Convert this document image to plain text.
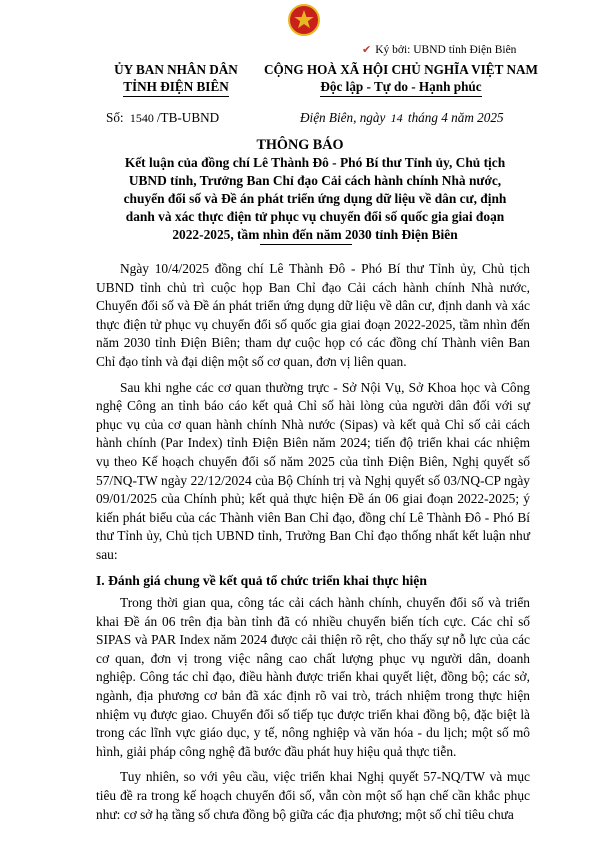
✔ Ký bởi: UBND tỉnh Điện Biên
ỦY BAN NHÂN DÂN
TỈNH ĐIỆN BIÊN
CỘNG HOÀ XÃ HỘI CHỦ NGHĨA VIỆT NAM
Độc lập - Tự do - Hạnh phúc
Số: 1540 /TB-UBND	Điện Biên, ngày 14 tháng 4 năm 2025
THÔNG BÁO
Kết luận của đồng chí Lê Thành Đô - Phó Bí thư Tỉnh ủy, Chủ tịch UBND tỉnh, Trưởng Ban Chỉ đạo Cải cách hành chính Nhà nước, chuyển đổi số và Đề án phát triển ứng dụng dữ liệu về dân cư, định danh và xác thực điện tử phục vụ chuyển đổi số quốc gia giai đoạn 2022-2025, tầm nhìn đến năm 2030 tỉnh Điện Biên

Ngày 10/4/2025 đồng chí Lê Thành Đô - Phó Bí thư Tỉnh ủy, Chủ tịch UBND tỉnh chủ trì cuộc họp Ban Chỉ đạo Cải cách hành chính Nhà nước, Chuyển đổi số và Đề án phát triển ứng dụng dữ liệu về dân cư, định danh và xác thực điện tử phục vụ chuyển đổi số quốc gia giai đoạn 2022-2025, tầm nhìn đến năm 2030 tỉnh Điện Biên; tham dự cuộc họp có các đồng chí Thành viên Ban Chỉ đạo tỉnh và đại diện một số cơ quan, đơn vị liên quan.

Sau khi nghe các cơ quan thường trực - Sở Nội Vụ, Sở Khoa học và Công nghệ Công an tỉnh báo cáo kết quả Chỉ số hài lòng của người dân đối với sự phục vụ của cơ quan hành chính Nhà nước (Sipas) và kết quả Chỉ số cải cách hành chính (Par Index) tỉnh Điện Biên năm 2024; tiến độ triển khai các nhiệm vụ theo Kế hoạch chuyển đổi số năm 2025 của tỉnh Điện Biên, Nghị quyết số 57/NQ-TW ngày 22/12/2024 của Bộ Chính trị và Nghị quyết số 03/NQ-CP ngày 09/01/2025 của Chính phủ; kết quả thực hiện Đề án 06 giai đoạn 2022-2025; ý kiến phát biểu của các Thành viên Ban Chỉ đạo, đồng chí Lê Thành Đô - Phó Bí thư Tỉnh ủy, Chủ tịch UBND tỉnh, Trưởng Ban Chỉ đạo thống nhất kết luận như sau:

I. Đánh giá chung về kết quả tổ chức triển khai thực hiện

Trong thời gian qua, công tác cải cách hành chính, chuyển đổi số và triển khai Đề án 06 trên địa bàn tỉnh đã có nhiều chuyển biến tích cực. Các chỉ số SIPAS và PAR Index năm 2024 được cải thiện rõ rệt, cho thấy sự nỗ lực của các cơ quan, đơn vị trong việc nâng cao chất lượng phục vụ người dân, doanh nghiệp. Công tác chỉ đạo, điều hành được triển khai quyết liệt, đồng bộ; các sở, ngành, địa phương cơ bản đã xác định rõ vai trò, trách nhiệm trong thực hiện nhiệm vụ được giao. Chuyển đổi số tiếp tục được triển khai đồng bộ, đặc biệt là trong các lĩnh vực giáo dục, y tế, nông nghiệp và văn hóa - du lịch; một số mô hình, giải pháp công nghệ đã bước đầu phát huy hiệu quả thực tiễn.

Tuy nhiên, so với yêu cầu, việc triển khai Nghị quyết 57-NQ/TW và mục tiêu đề ra trong kế hoạch chuyển đổi số, vẫn còn một số hạn chế cần khắc phục như: cơ sở hạ tầng số chưa đồng bộ giữa các địa phương; một số chỉ tiêu chưa
